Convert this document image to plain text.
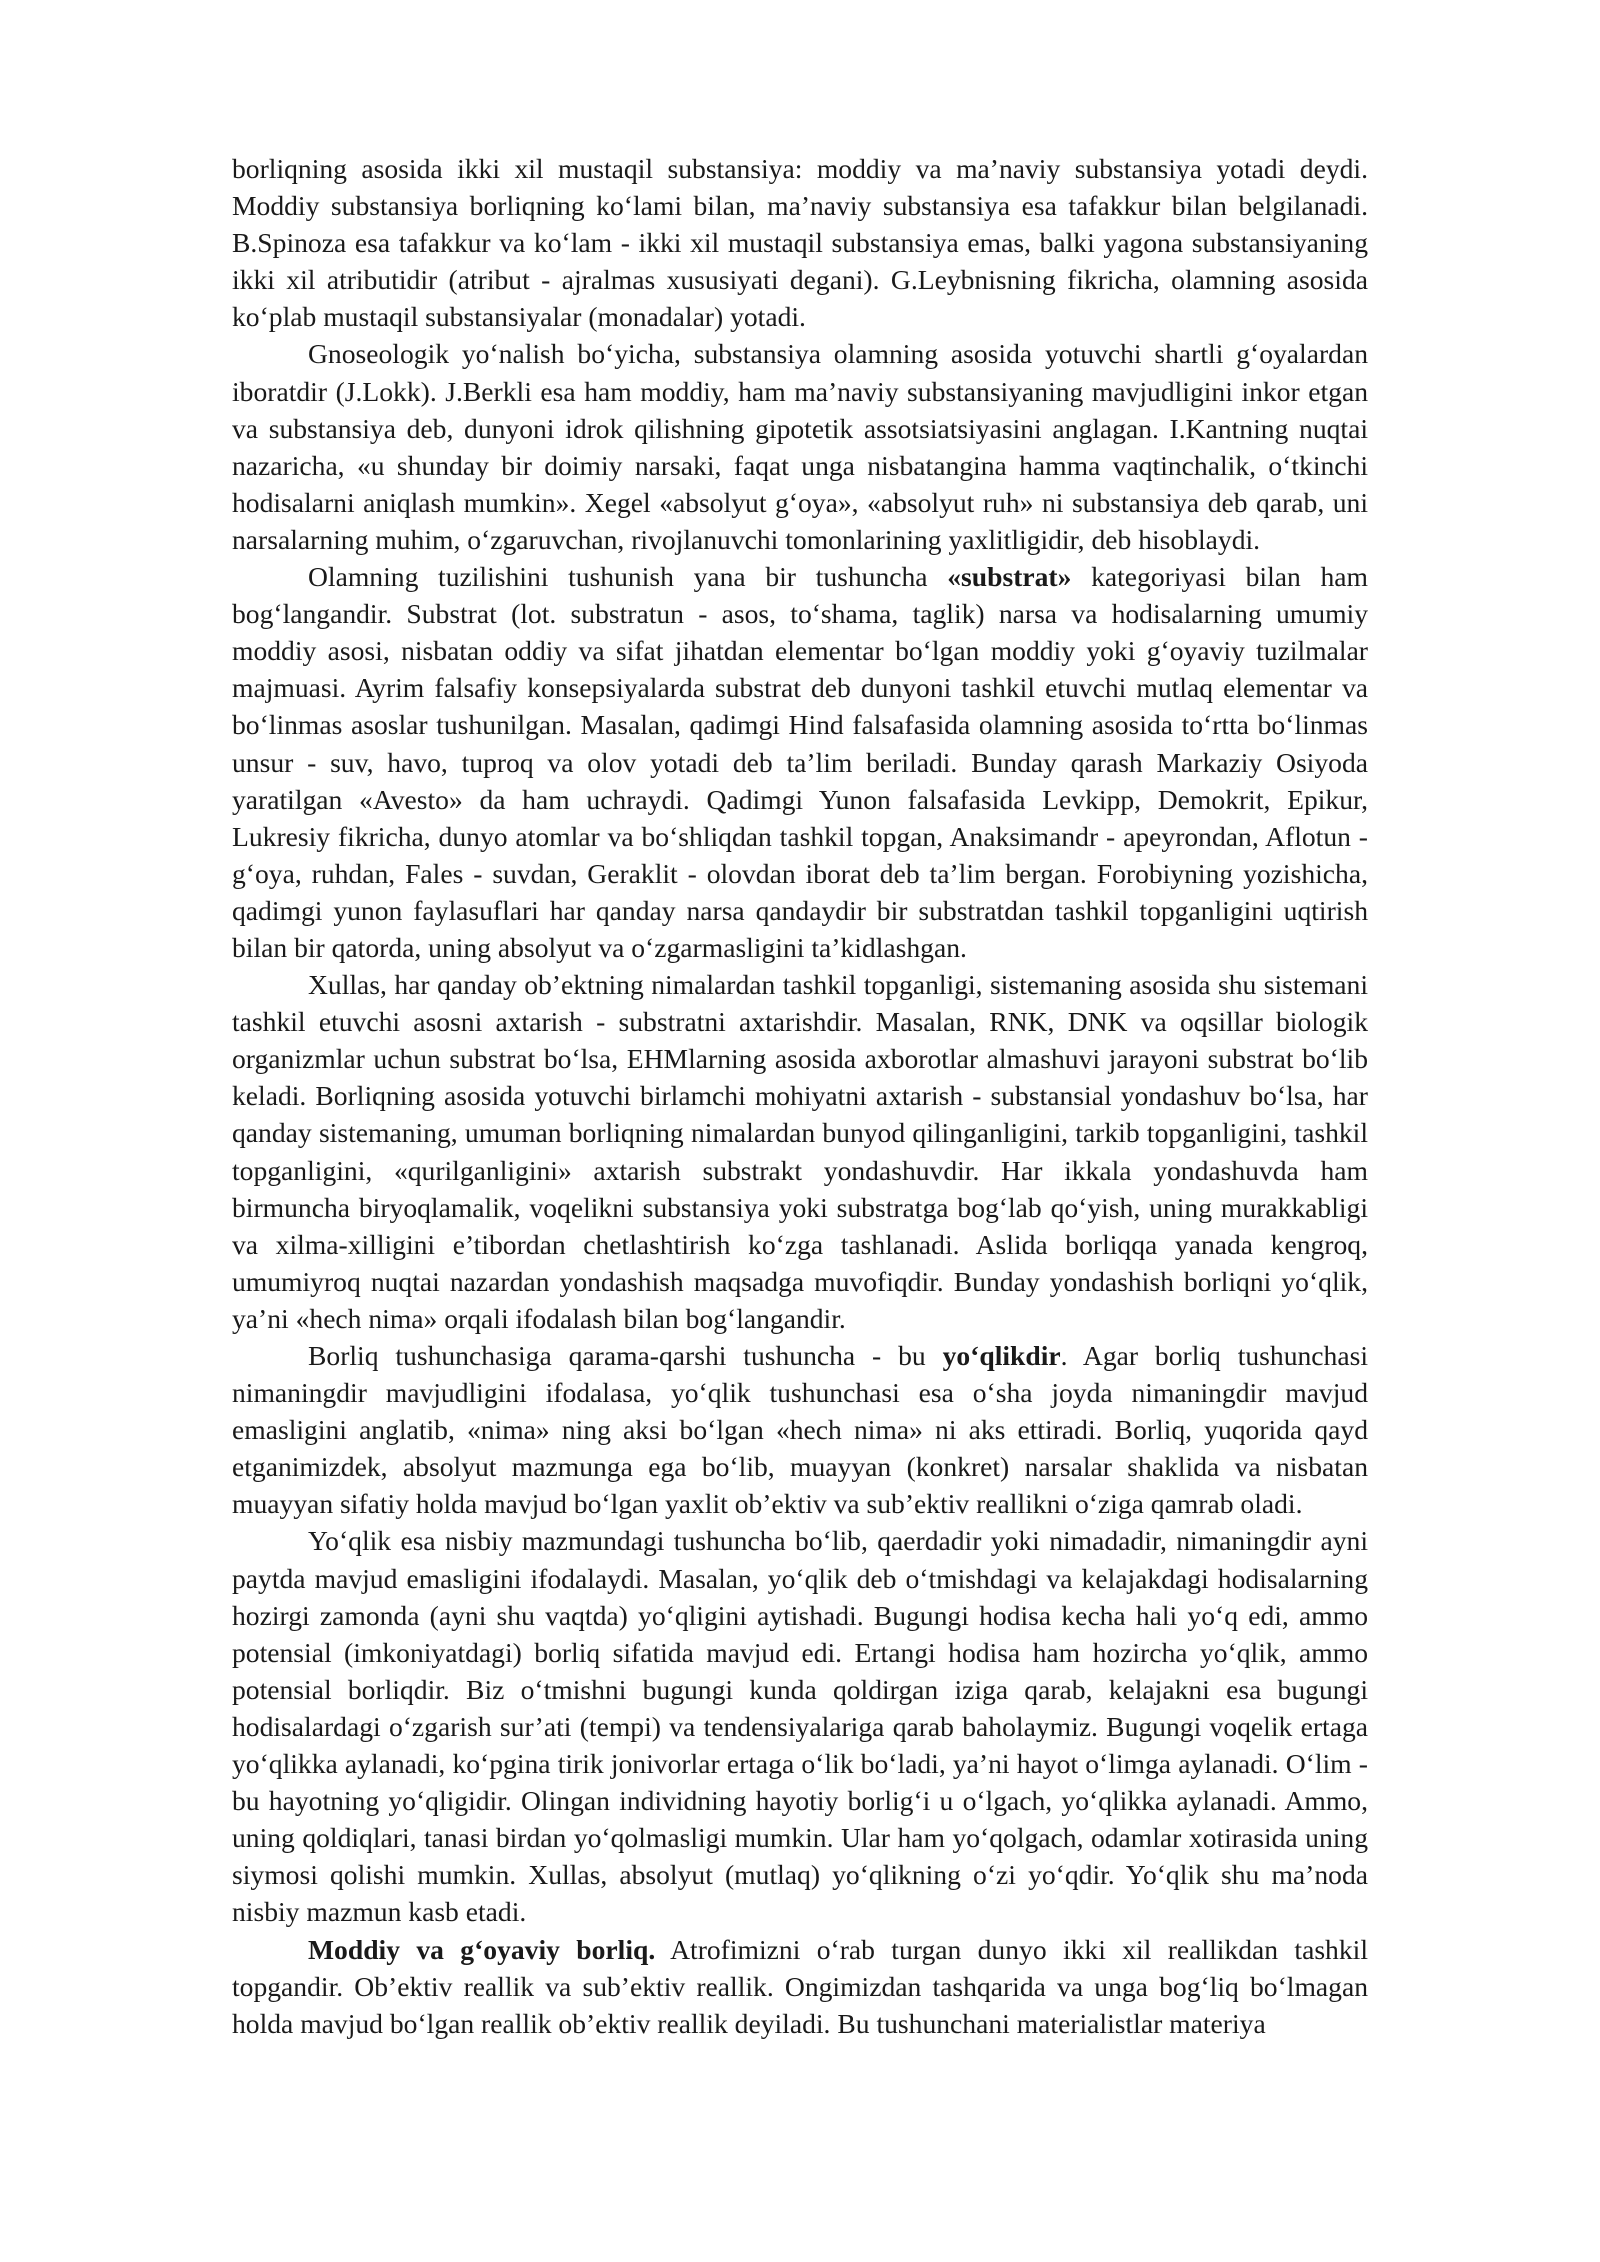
borliqning asosida ikki xil mustaqil substansiya: moddiy va ma’naviy substansiya yotadi deydi. Moddiy substansiya borliqning ko‘lami bilan, ma’naviy substansiya esa tafakkur bilan belgilanadi. B.Spinoza esa tafakkur va ko‘lam - ikki xil mustaqil substansiya emas, balki yagona substansiyaning ikki xil atributidir (atribut - ajralmas xususiyati degani). G.Leybnisning fikricha, olamning asosida ko‘plab mustaqil substansiyalar (monadalar) yotadi.

Gnoseologik yo‘nalish bo‘yicha, substansiya olamning asosida yotuvchi shartli g‘oyalardan iboratdir (J.Lokk). J.Berkli esa ham moddiy, ham ma’naviy substansiyaning mavjudligini inkor etgan va substansiya deb, dunyoni idrok qilishning gipotetik assotsiatsiyasini anglagan. I.Kantning nuqtai nazaricha, «u shunday bir doimiy narsaki, faqat unga nisbatangina hamma vaqtinchalik, o‘tkinchi hodisalarni aniqlash mumkin». Xegel «absolyut g‘oya», «absolyut ruh» ni substansiya deb qarab, uni narsalarning muhim, o‘zgaruvchan, rivojlanuvchi tomonlarining yaxlitligidir, deb hisoblaydi.

Olamning tuzilishini tushunish yana bir tushuncha «substrat» kategoriyasi bilan ham bog‘langandir. Substrat (lot. substratun - asos, to‘shama, taglik) narsa va hodisalarning umumiy moddiy asosi, nisbatan oddiy va sifat jihatdan elementar bo‘lgan moddiy yoki g‘oyaviy tuzilmalar majmuasi. Ayrim falsafiy konsepsiyalarda substrat deb dunyoni tashkil etuvchi mutlaq elementar va bo‘linmas asoslar tushunilgan. Masalan, qadimgi Hind falsafasida olamning asosida to‘rtta bo‘linmas unsur - suv, havo, tuproq va olov yotadi deb ta’lim beriladi. Bunday qarash Markaziy Osiyoda yaratilgan «Avesto» da ham uchraydi. Qadimgi Yunon falsafasida Levkipp, Demokrit, Epikur, Lukresiy fikricha, dunyo atomlar va bo‘shliqdan tashkil topgan, Anaksimandr - apeyrondan, Aflotun - g‘oya, ruhdan, Fales - suvdan, Geraklit - olovdan iborat deb ta’lim bergan. Forobiyning yozishicha, qadimgi yunon faylasuflari har qanday narsa qandaydir bir substratdan tashkil topganligini uqtirish bilan bir qatorda, uning absolyut va o‘zgarmasligini ta’kidlashgan.

Xullas, har qanday ob’ektning nimalardan tashkil topganligi, sistemaning asosida shu sistemani tashkil etuvchi asosni axtarish - substratni axtarishdir. Masalan, RNK, DNK va oqsillar biologik organizmlar uchun substrat bo‘lsa, EHMlarning asosida axborotlar almashuvi jarayoni substrat bo‘lib keladi. Borliqning asosida yotuvchi birlamchi mohiyatni axtarish - substansial yondashuv bo‘lsa, har qanday sistemaning, umuman borliqning nimalardan bunyod qilinganligini, tarkib topganligini, tashkil topganligini, «qurilganligini» axtarish substrakt yondashuvdir. Har ikkala yondashuvda ham birmuncha biryoqlamalik, voqelikni substansiya yoki substratga bog‘lab qo‘yish, uning murakkabligi va xilma-xilligini e’tibordan chetlashtirish ko‘zga tashlanadi. Aslida borliqqa yanada kengroq, umumiyroq nuqtai nazardan yondashish maqsadga muvofiqdir. Bunday yondashish borliqni yo‘qlik, ya’ni «hech nima» orqali ifodalash bilan bog‘langandir.

Borliq tushunchasiga qarama-qarshi tushuncha - bu yo‘qlikdir. Agar borliq tushunchasi nimaningdir mavjudligini ifodalasa, yo‘qlik tushunchasi esa o‘sha joyda nimaningdir mavjud emasligini anglatib, «nima» ning aksi bo‘lgan «hech nima» ni aks ettiradi. Borliq, yuqorida qayd etganimizdek, absolyut mazmunga ega bo‘lib, muayyan (konkret) narsalar shaklida va nisbatan muayyan sifatiy holda mavjud bo‘lgan yaxlit ob’ektiv va sub’ektiv reallikni o‘ziga qamrab oladi.

Yo‘qlik esa nisbiy mazmundagi tushuncha bo‘lib, qaerdadir yoki nimadadir, nimaningdir ayni paytda mavjud emasligini ifodalaydi. Masalan, yo‘qlik deb o‘tmishdagi va kelajakdagi hodisalarning hozirgi zamonda (ayni shu vaqtda) yo‘qligini aytishadi. Bugungi hodisa kecha hali yo‘q edi, ammo potensial (imkoniyatdagi) borliq sifatida mavjud edi. Ertangi hodisa ham hozircha yo‘qlik, ammo potensial borliqdir. Biz o‘tmishni bugungi kunda qoldirgan iziga qarab, kelajakni esa bugungi hodisalardagi o‘zgarish sur’ati (tempi) va tendensiyalariga qarab baholaymiz. Bugungi voqelik ertaga yo‘qlikka aylanadi, ko‘pgina tirik jonivorlar ertaga o‘lik bo‘ladi, ya’ni hayot o‘limga aylanadi. O‘lim - bu hayotning yo‘qligidir. Olingan individning hayotiy borlig‘i u o‘lgach, yo‘qlikka aylanadi. Ammo, uning qoldiqlari, tanasi birdan yo‘qolmasligi mumkin. Ular ham yo‘qolgach, odamlar xotirasida uning siymosi qolishi mumkin. Xullas, absolyut (mutlaq) yo‘qlikning o‘zi yo‘qdir. Yo‘qlik shu ma’noda nisbiy mazmun kasb etadi.

Moddiy va g‘oyaviy borliq. Atrofimizni o‘rab turgan dunyo ikki xil reallikdan tashkil topgandir. Ob’ektiv reallik va sub’ektiv reallik. Ongimizdan tashqarida va unga bog‘liq bo‘lmagan holda mavjud bo‘lgan reallik ob’ektiv reallik deyiladi. Bu tushunchani materialistlar materiya
